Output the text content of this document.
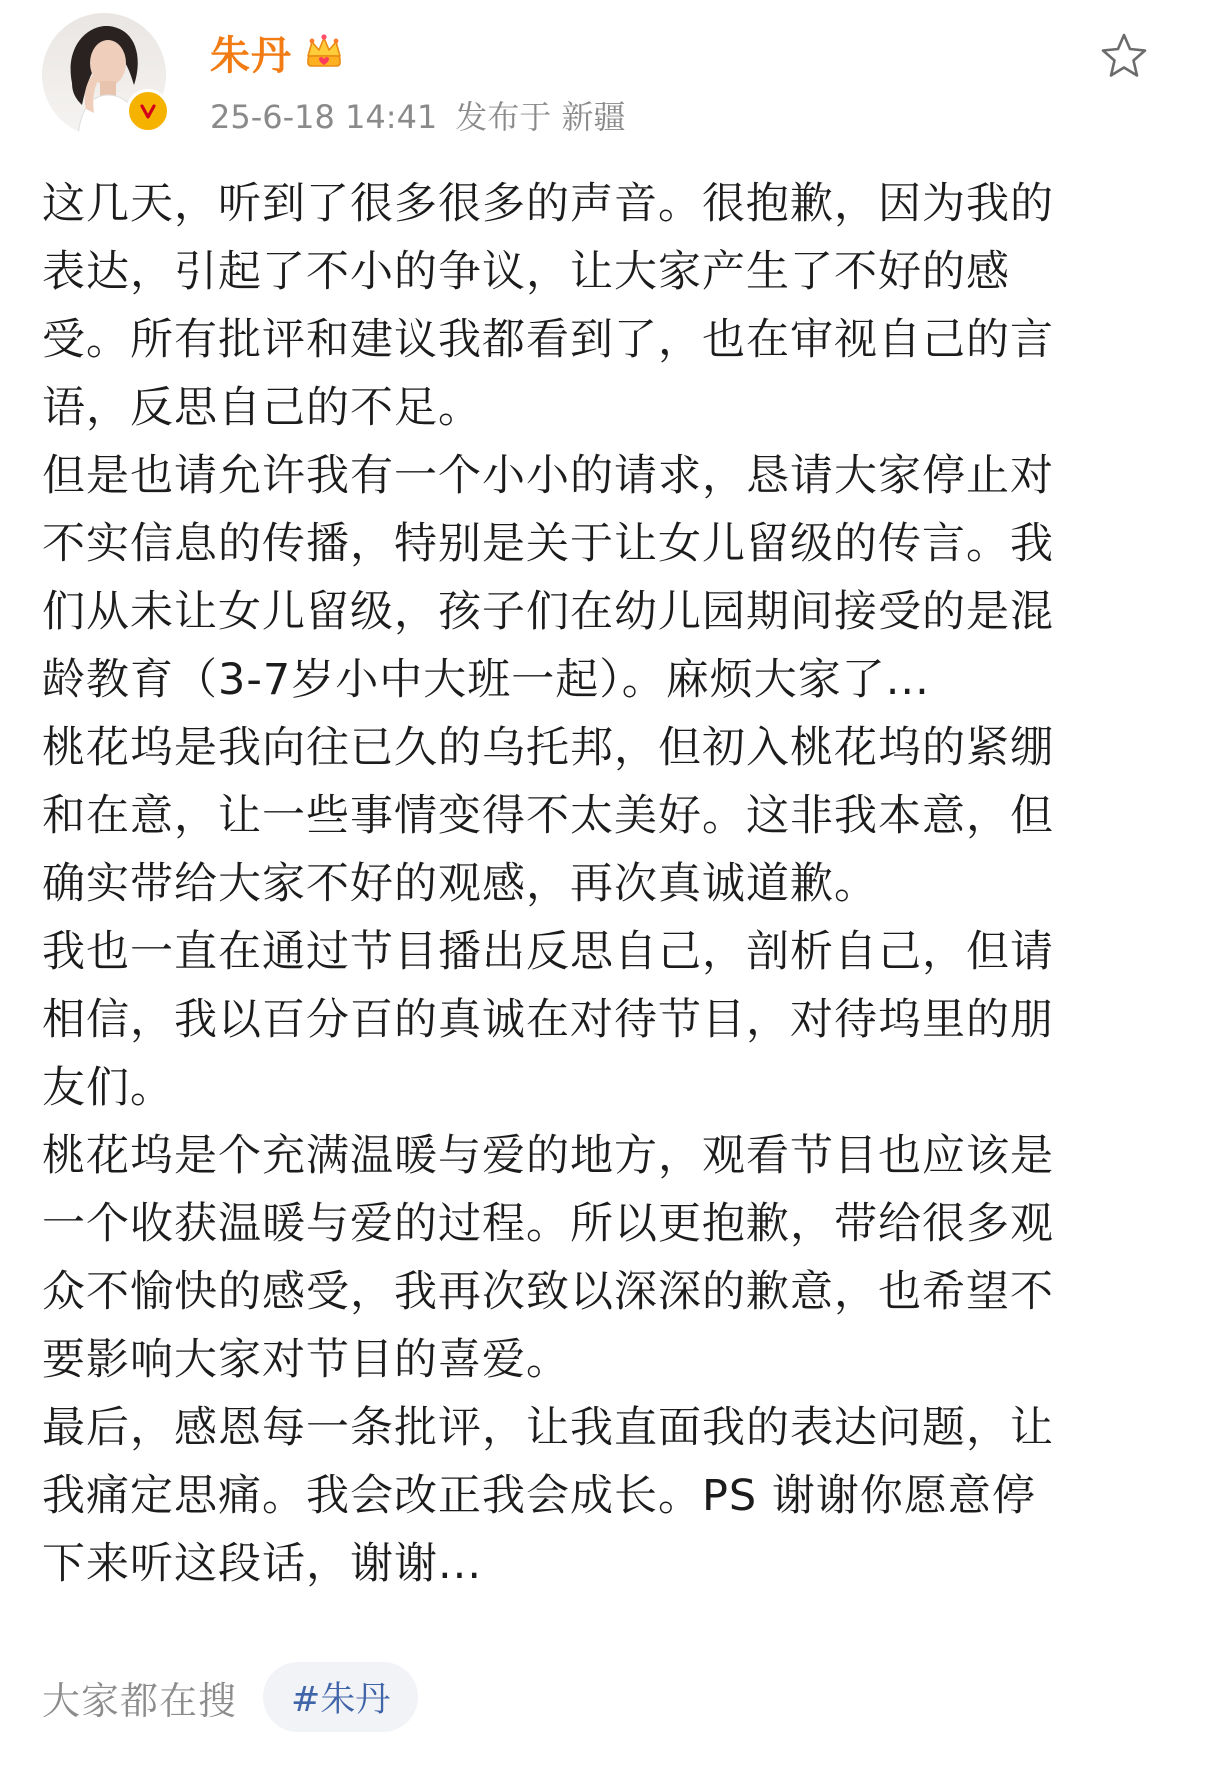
朱丹
25-6-18 14:41 发布于 新疆

这几天，听到了很多很多的声音。很抱歉，因为我的

表达，引起了不小的争议，让大家产生了不好的感

受。所有批评和建议我都看到了，也在审视自己的言

语，反思自己的不足。

但是也请允许我有一个小小的请求，恳请大家停止对

不实信息的传播，特别是关于让女儿留级的传言。我

们从未让女儿留级，孩子们在幼儿园期间接受的是混

龄教育（3-7岁小中大班一起）。麻烦大家了...

桃花坞是我向往已久的乌托邦，但初入桃花坞的紧绷

和在意，让一些事情变得不太美好。这非我本意，但

确实带给大家不好的观感，再次真诚道歉。

我也一直在通过节目播出反思自己，剖析自己，但请

相信，我以百分百的真诚在对待节目，对待坞里的朋

友们。

桃花坞是个充满温暖与爱的地方，观看节目也应该是

一个收获温暖与爱的过程。所以更抱歉，带给很多观

众不愉快的感受，我再次致以深深的歉意，也希望不

要影响大家对节目的喜爱。

最后，感恩每一条批评，让我直面我的表达问题，让

我痛定思痛。我会改正我会成长。PS 谢谢你愿意停

下来听这段话，谢谢...

大家都在搜	#朱丹
